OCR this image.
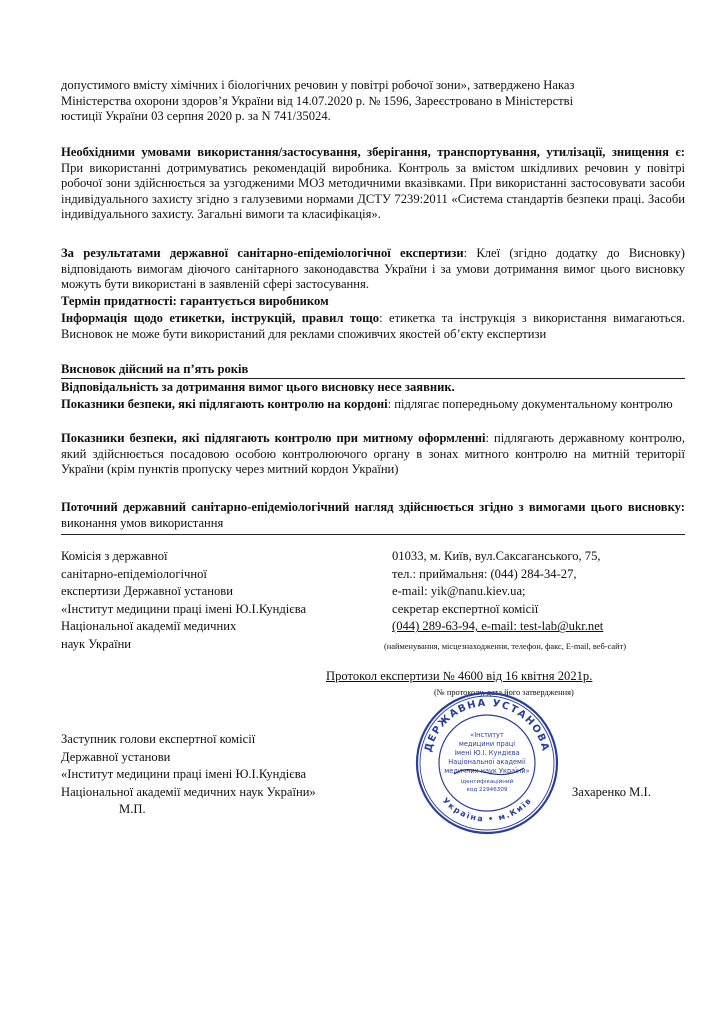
допустимого вмісту хімічних і біологічних речовин у повітрі робочої зони», затверджено Наказ
Міністерства охорони здоров’я України від 14.07.2020 р. № 1596, Зареєстровано в Міністерстві
юстиції України 03 серпня 2020 р. за N 741/35024.
Необхідними умовами використання/застосування, зберігання, транспортування, утилізації, знищення є: При використанні дотримуватись рекомендацій виробника. Контроль за вмістом шкідливих речовин у повітрі робочої зони здійснюється за узгодженими МОЗ методичними вказівками. При використанні застосовувати засоби індивідуального захисту згідно з галузевими нормами ДСТУ 7239:2011 «Система стандартів безпеки праці. Засоби індивідуального захисту. Загальні вимоги та класифікація».
За результатами державної санітарно-епідеміологічної експертизи: Клеї (згідно додатку до Висновку) відповідають вимогам діючого санітарного законодавства України і за умови дотримання вимог цього висновку можуть бути використані в заявленій сфері застосування.
Термін придатності: гарантується виробником
Інформація щодо етикетки, інструкцій, правил тощо: етикетка та інструкція з використання вимагаються. Висновок не може бути використаний для реклами споживчих якостей об’єкту експертизи
Висновок дійсний на п’ять років
Відповідальність за дотримання вимог цього висновку несе заявник.
Показники безпеки, які підлягають контролю на кордоні: підлягає попередньому документальному контролю
Показники безпеки, які підлягають контролю при митному оформленні: підлягають державному контролю, який здійснюється посадовою особою контролюючого органу в зонах митного контролю на митній території України (крім пунктів пропуску через митний кордон України)
Поточний державний санітарно-епідеміологічний нагляд здійснюється згідно з вимогами цього висновку: виконання умов використання
Комісія з державної
санітарно-епідеміологічної
експертизи Державної установи
«Інститут медицини праці імені Ю.І.Кундієва
Національної академії медичних
наук України
01033, м. Київ, вул.Саксаганського, 75,
тел.: приймальня: (044) 284-34-27,
e-mail: yik@nanu.kiev.ua;
секретар експертної комісії
(044) 289-63-94, e-mail: test-lab@ukr.net
(найменування, місцезнаходження, телефон, факс, E-mail, веб-сайт)
Протокол експертизи № 4600 від 16 квітня 2021р.
(№ протоколу, дата його затвердження)
ДЕРЖАВНА УСТАНОВА
Україна • м.Київ
«Інститут
медицини праці
імені Ю.І. Кундієва
Національної академії
медичних наук України»
ідентифікаційний
код 22946309
Заступник голови експертної комісії
Державної установи
«Інститут медицини праці імені Ю.І.Кундієва
Національної академії медичних наук України»
М.П.
Захаренко М.І.
